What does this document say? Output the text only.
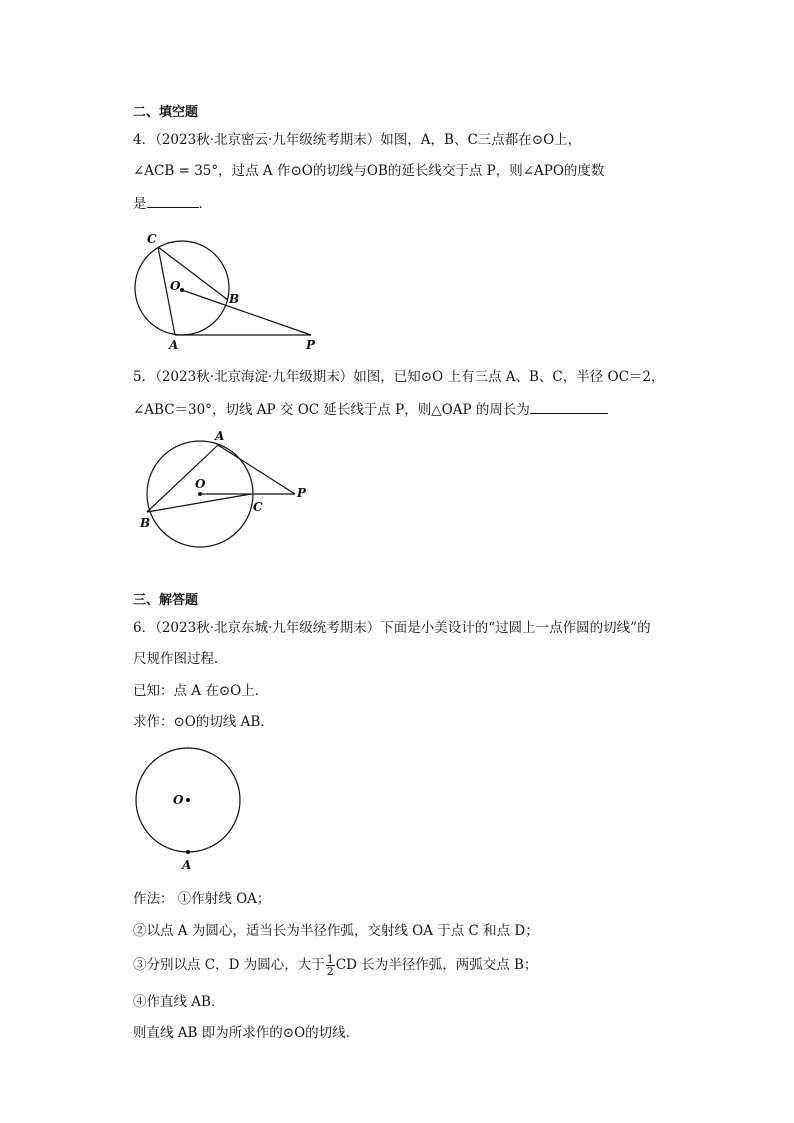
二、填空题
4．（2023秋·北京密云·九年级统考期末）如图，A，B、C三点都在⊙O上，
∠ACB = 35°，过点 A 作⊙O的切线与OB的延长线交于点 P，则∠APO的度数
是	．
C
O
B
A	P
5．（2023秋·北京海淀·九年级期末）如图，已知⊙O 上有三点 A、B、C，半径 OC＝2，
∠ABC＝30°，切线 AP 交 OC 延长线于点 P，则△OAP 的周长为
A
O
C
P
B
三、解答题
6．（2023秋·北京东城·九年级统考期末）下面是小美设计的“过圆上一点作圆的切线”的
尺规作图过程．
已知：点 A 在⊙O上．
求作：⊙O的切线 AB．
O
A
作法： ①作射线 OA；
②以点 A 为圆心，适当长为半径作弧，交射线 OA 于点 C 和点 D；
③分别以点 C，D 为圆心，大于 $\frac{1}{2}$ CD 长为半径作弧，两弧交点 B；
④作直线 AB．
则直线 AB 即为所求作的⊙O的切线.
